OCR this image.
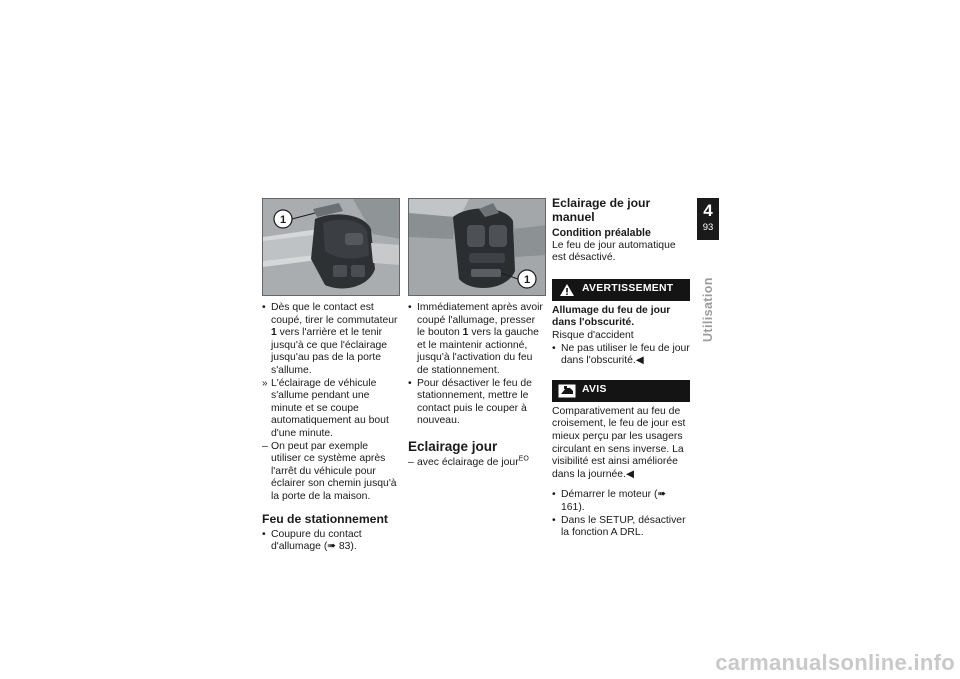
1
• Dès que le contact est coupé, tirer le commutateur 1 vers l'arrière et le tenir jusqu'à ce que l'éclairage jusqu'au pas de la porte s'allume.
» L'éclairage de véhicule s'allume pendant une minute et se coupe automatiquement au bout d'une minute.
– On peut par exemple utiliser ce système après l'arrêt du véhicule pour éclairer son chemin jusqu'à la porte de la maison.
Feu de stationnement
• Coupure du contact d'allumage (➠ 83).
1
• Immédiatement après avoir coupé l'allumage, presser le bouton 1 vers la gauche et le maintenir actionné, jusqu'à l'activation du feu de stationnement.
• Pour désactiver le feu de stationnement, mettre le contact puis le couper à nouveau.
Eclairage jour
– avec éclairage de jour$^{EO}$
Eclairage de jour manuel
Condition préalable
Le feu de jour automatique est désactivé.
AVERTISSEMENT
Allumage du feu de jour dans l'obscurité.
Risque d'accident
• Ne pas utiliser le feu de jour dans l'obscurité.◀
AVIS
Comparativement au feu de croisement, le feu de jour est mieux perçu par les usagers circulant en sens inverse. La visibilité est ainsi améliorée dans la journée.◀
• Démarrer le moteur (➠ 161).
• Dans le SETUP, désactiver la fonction A DRL.
4
93
Utilisation
carmanualsonline.info
